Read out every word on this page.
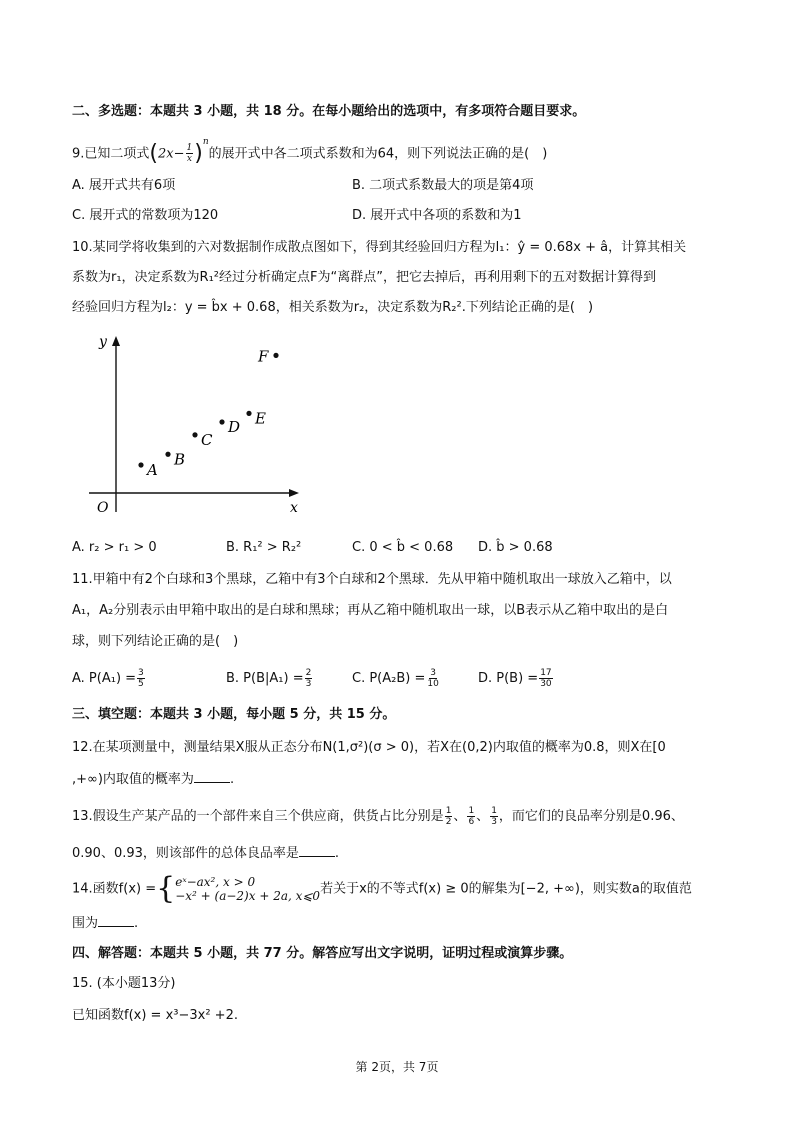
二、多选题：本题共 3 小题，共 18 分。在每小题给出的选项中，有多项符合题目要求。
9.已知二项式$(2x- \frac{1}{x} )^n$的展开式中各二项式系数和为64，则下列说法正确的是(　)
A. 展开式共有6项	B. 二项式系数最大的项是第4项
C. 展开式的常数项为120	D. 展开式中各项的系数和为1
10.某同学将收集到的六对数据制作成散点图如下，得到其经验回归方程为l₁：ŷ = 0.68x + â，计算其相关
系数为r₁，决定系数为R₁²经过分析确定点F为“离群点”，把它去掉后，再利用剩下的五对数据计算得到
经验回归方程为l₂：y = b̂x + 0.68，相关系数为r₂，决定系数为R₂².下列结论正确的是(　)
y
x
O
A
B
C
D E
F
A. r₂ > r₁ > 0	B. R₁² > R₂²	C. 0 < b̂ < 0.68 D. b̂ > 0.68
11.甲箱中有2个白球和3个黑球，乙箱中有3个白球和2个黑球．先从甲箱中随机取出一球放入乙箱中，以
A₁，A₂分别表示由甲箱中取出的是白球和黑球；再从乙箱中随机取出一球，以B表示从乙箱中取出的是白
球，则下列结论正确的是(　)
A. $P(A_1) = \frac{3}{5}$	B. $P(B|A_1) = \frac{2}{3}$	C. $P(A_2B) = \frac{3}{10}$	D. $P(B) = \frac{17}{30}$
三、填空题：本题共 3 小题，每小题 5 分，共 15 分。
12.在某项测量中，测量结果X服从正态分布N(1,σ²)(σ > 0)，若X在(0,2)内取值的概率为0.8，则X在[0
,+∞)内取值的概率为	.
13.假设生产某产品的一个部件来自三个供应商，供货占比分别是 $\frac{1}{2}$ 、 $\frac{1}{6}$ 、 $\frac{1}{3}$ ，而它们的良品率分别是0.96、
0.90、0.93，则该部件的总体良品率是	.
14.函数f(x) ={ eˣ−ax², x > 0
−x² + (a−2)x + 2a, x⩽0 若关于x的不等式f(x) ≥ 0的解集为[−2, +∞)，则实数a的取值范
围为	.
四、解答题：本题共 5 小题，共 77 分。解答应写出文字说明，证明过程或演算步骤。
15. (本小题13分)
已知函数f(x) = x³−3x² +2.
第 2页，共 7页
